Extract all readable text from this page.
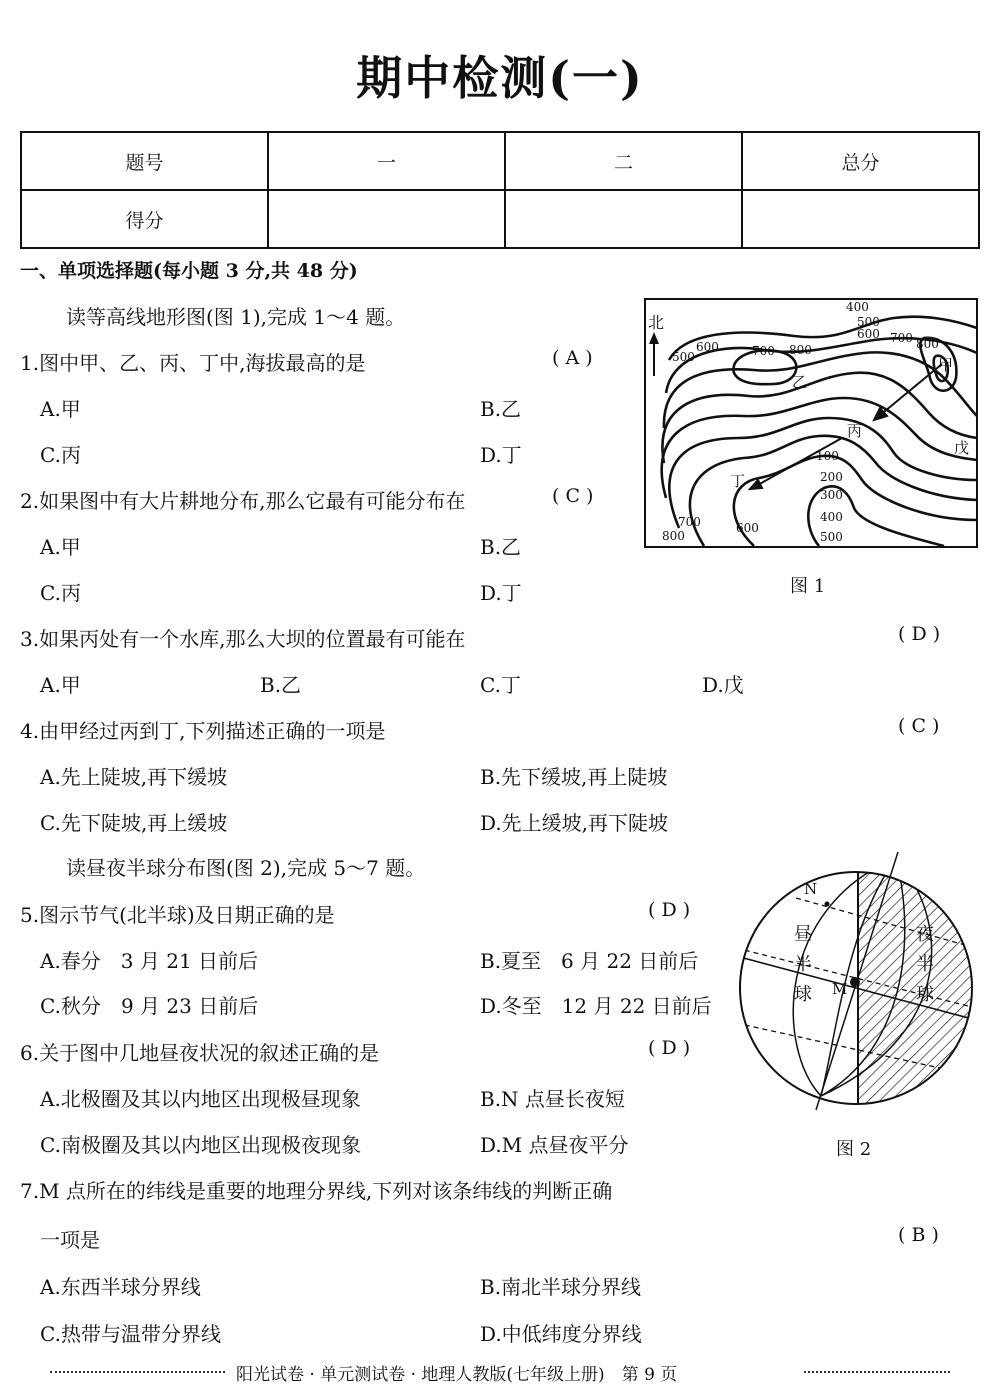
期中检测(一)
题号	一	二	总分
得分			
一、单项选择题(每小题 3 分,共 48 分)
读等高线地形图(图 1),完成 1～4 题。
1.图中甲、乙、丙、丁中,海拔最高的是	( A )
A.甲	B.乙
C.丙	D.丁
2.如果图中有大片耕地分布,那么它最有可能分布在	( C )
A.甲	B.乙
C.丙	D.丁
3.如果丙处有一个水库,那么大坝的位置最有可能在	( D )
A.甲	B.乙	C.丁	D.戊
4.由甲经过丙到丁,下列描述正确的一项是	( C )
A.先上陡坡,再下缓坡	B.先下缓坡,再上陡坡
C.先下陡坡,再上缓坡	D.先上缓坡,再下陡坡
读昼夜半球分布图(图 2),完成 5～7 题。
5.图示节气(北半球)及日期正确的是	( D )
A.春分　3 月 21 日前后	B.夏至　6 月 22 日前后
C.秋分　9 月 23 日前后	D.冬至　12 月 22 日前后
6.关于图中几地昼夜状况的叙述正确的是	( D )
A.北极圈及其以内地区出现极昼现象	B.N 点昼长夜短
C.南极圈及其以内地区出现极夜现象	D.M 点昼夜平分
7.M 点所在的纬线是重要的地理分界线,下列对该条纬线的判断正确
一项是	( B )
A.东西半球分界线	B.南北半球分界线
C.热带与温带分界线	D.中低纬度分界线
400
500
600 700 800
600	700 800
500
100
200
300
400
500
700	600
800
北
甲
乙
丙
丁
戊
图 1
N
M
昼
半
球
夜
半
球
图 2
阳光试卷 · 单元测试卷 · 地理人教版(七年级上册)　第 9 页
